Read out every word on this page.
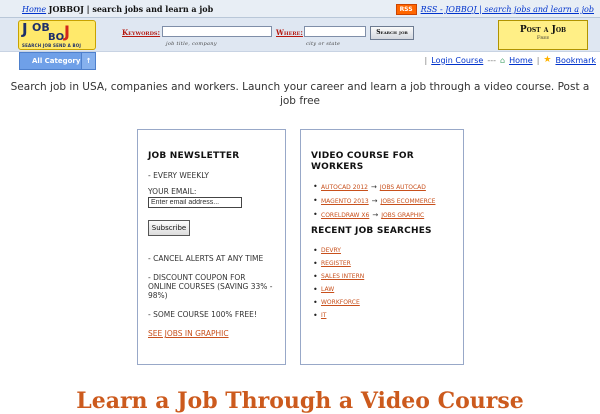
Home JOBBOJ | search jobs and learn a job	RSS	RSS - JOBBOJ | search jobs and learn a job
J OB
BO J
SEARCH JOB SEND A BOJ
Keywords:
job title, company
Where:
city or state
Search job	Post a Job
Free
All Category ↑	| Login Course --- ⌂ Home | ★ Bookmark
Search job in USA, companies and workers. Launch your career and learn a job through a video course. Post a job free
JOB NEWSLETTER

- EVERY WEEKLY

YOUR EMAIL:

Enter email address... Subscribe

- CANCEL ALERTS AT ANY TIME

- DISCOUNT COUPON FOR ONLINE COURSES (SAVING 33% - 98%)

- SOME COURSE 100% FREE!

SEE JOBS IN GRAPHIC
VIDEO COURSE FOR WORKERS
• AUTOCAD 2012 → JOBS AUTOCAD
• MAGENTO 2013 → JOBS ECOMMERCE
• CORELDRAW X6 → JOBS GRAPHIC
RECENT JOB SEARCHES
• DEVRY
• REGISTER
• SALES INTERN
• LAW
• WORKFORCE
• IT
Learn a Job Through a Video Course
